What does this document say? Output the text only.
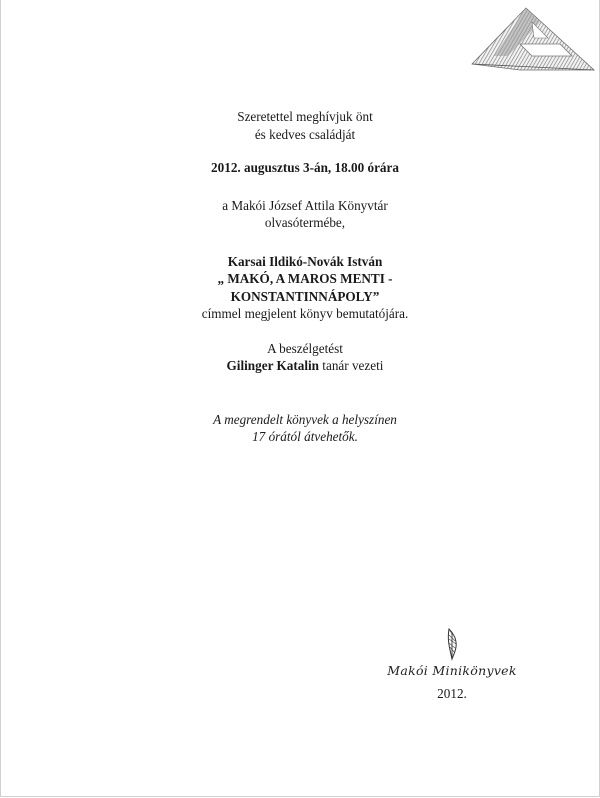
Szeretettel meghívjuk önt
és kedves családját
2012. augusztus 3-án, 18.00 órára
a Makói József Attila Könyvtár
olvasótermébe,
Karsai Ildikó-Novák István
„ MAKÓ, A MAROS MENTI -
KONSTANTINNÁPOLY”
címmel megjelent könyv bemutatójára.
A beszélgetést
Gilinger Katalin tanár vezeti
A megrendelt könyvek a helyszínen
17 órától átvehetők.
Makói Minikönyvek
2012.
